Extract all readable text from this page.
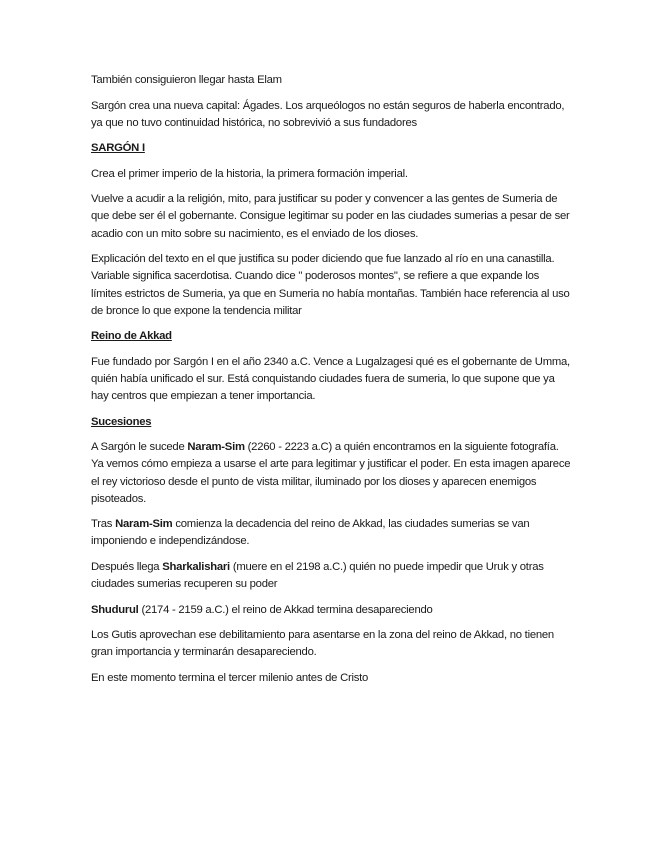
También consiguieron llegar hasta Elam

Sargón crea una nueva capital: Ágades. Los arqueólogos no están seguros de haberla encontrado, ya que no tuvo continuidad histórica, no sobrevivió a sus fundadores

SARGÓN I

Crea el primer imperio de la historia, la primera formación imperial.

Vuelve a acudir a la religión, mito, para justificar su poder y convencer a las gentes de Sumeria de que debe ser él el gobernante. Consigue legitimar su poder en las ciudades sumerias a pesar de ser acadio con un mito sobre su nacimiento, es el enviado de los dioses.

Explicación del texto en el que justifica su poder diciendo que fue lanzado al río en una canastilla. Variable significa sacerdotisa. Cuando dice " poderosos montes", se refiere a que expande los límites estrictos de Sumeria, ya que en Sumeria no había montañas. También hace referencia al uso de bronce lo que expone la tendencia militar

Reino de Akkad

Fue fundado por Sargón I en el año 2340 a.C. Vence a Lugalzagesi qué es el gobernante de Umma, quién había unificado el sur. Está conquistando ciudades fuera de sumeria, lo que supone que ya hay centros que empiezan a tener importancia.

Sucesiones

A Sargón le sucede Naram-Sim (2260 - 2223 a.C) a quién encontramos en la siguiente fotografía. Ya vemos cómo empieza a usarse el arte para legitimar y justificar el poder. En esta imagen aparece el rey victorioso desde el punto de vista militar, iluminado por los dioses y aparecen enemigos pisoteados.

Tras Naram-Sim comienza la decadencia del reino de Akkad, las ciudades sumerias se van imponiendo e independizándose.

Después llega Sharkalishari (muere en el 2198 a.C.) quién no puede impedir que Uruk y otras ciudades sumerias recuperen su poder

Shudurul (2174 - 2159 a.C.) el reino de Akkad termina desapareciendo

Los Gutis aprovechan ese debilitamiento para asentarse en la zona del reino de Akkad, no tienen gran importancia y terminarán desapareciendo.

En este momento termina el tercer milenio antes de Cristo
